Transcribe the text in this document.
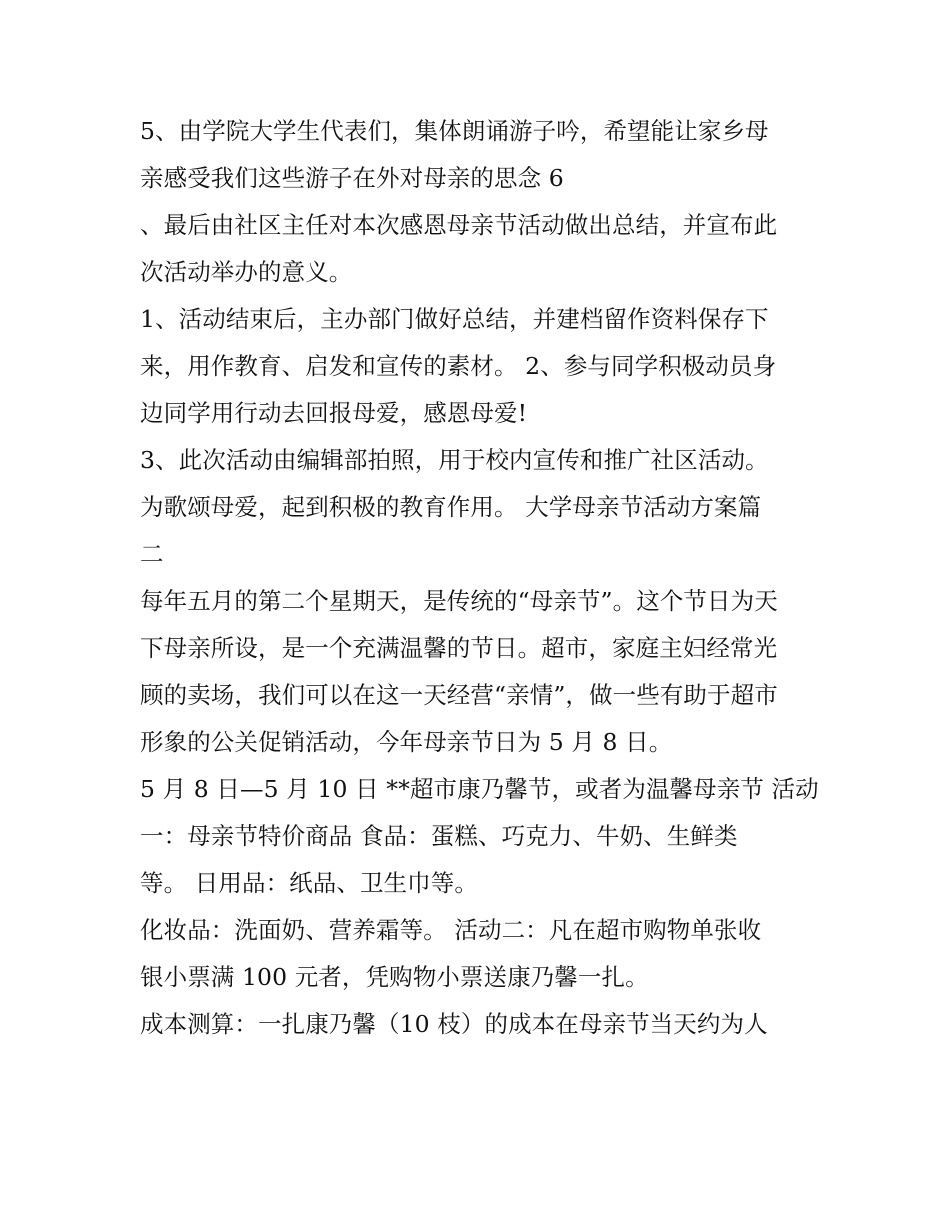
5、由学院大学生代表们，集体朗诵游子吟，希望能让家乡母
亲感受我们这些游子在外对母亲的思念 6
、最后由社区主任对本次感恩母亲节活动做出总结，并宣布此
次活动举办的意义。
1、活动结束后，主办部门做好总结，并建档留作资料保存下
来，用作教育、启发和宣传的素材。 2、参与同学积极动员身
边同学用行动去回报母爱，感恩母爱!
3、此次活动由编辑部拍照，用于校内宣传和推广社区活动。
为歌颂母爱，起到积极的教育作用。 大学母亲节活动方案篇
二
每年五月的第二个星期天，是传统的“母亲节”。这个节日为天
下母亲所设，是一个充满温馨的节日。超市，家庭主妇经常光
顾的卖场，我们可以在这一天经营“亲情”，做一些有助于超市
形象的公关促销活动，今年母亲节日为 5 月 8 日。
5 月 8 日—5 月 10 日 **超市康乃馨节，或者为温馨母亲节 活动
一：母亲节特价商品 食品：蛋糕、巧克力、牛奶、生鲜类
等。 日用品：纸品、卫生巾等。
化妆品：洗面奶、营养霜等。 活动二：凡在超市购物单张收
银小票满 100 元者，凭购物小票送康乃馨一扎。
成本测算：一扎康乃馨（10 枝）的成本在母亲节当天约为人
